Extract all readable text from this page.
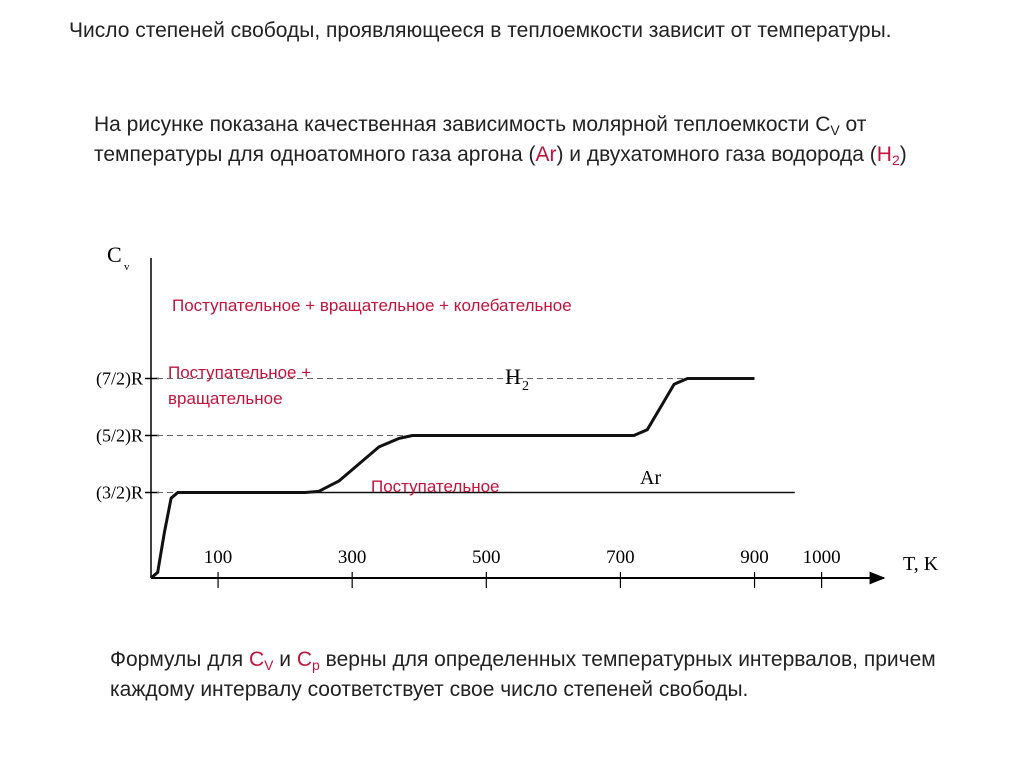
Число степеней свободы, проявляющееся в теплоемкости зависит от температуры.

На рисунке показана качественная зависимость молярной теплоемкости $C_V$ от температуры для одноатомного газа аргона (Ar) и двухатомного газа водорода $(H_2)$

100	300	500	700	900 1000	T, K
C v
(3/2)R
(5/2)R
(7/2)R	H 2
Ar
Поступательное + вращательное + колебательное
Поступательное +
вращательное
Поступательное

Формулы для $C_V$ и $C_p$ верны для определенных температурных интервалов, причем каждому интервалу соответствует свое число степеней свободы.
